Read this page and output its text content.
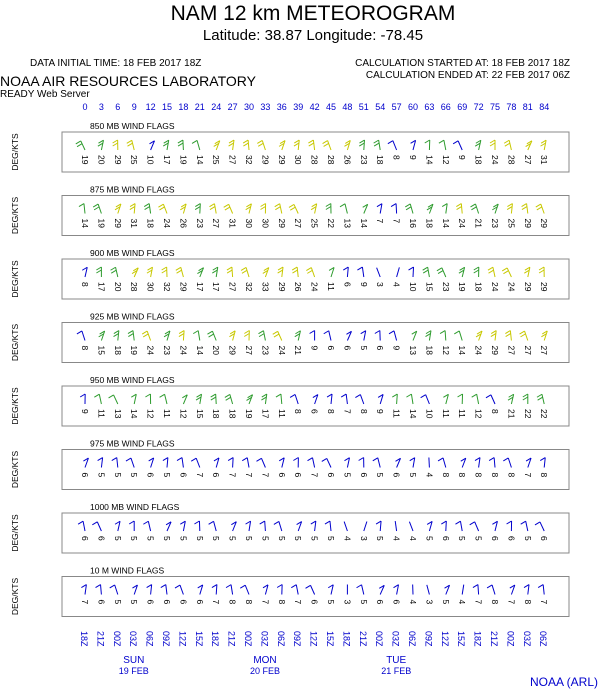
NAM 12 km METEOROGRAM
Latitude: 38.87 Longitude: -78.45
DATA INITIAL TIME: 18 FEB 2017 18Z	CALCULATION STARTED AT: 18 FEB 2017 18Z
CALCULATION ENDED AT: 22 FEB 2017 06Z
NOAA AIR RESOURCES LABORATORY
READY Web Server
0 3 6 9 12 15 18 21 24 27 30 33 36 39 42 45 48 51 54 57 60 63 66 69 72 75 78 81 84
850 MB WIND FLAGS
DEG/KTS	19 20 29 25 10 17 19 14 25 27 32 29 29 30 28 28 26 23 18 8 9 14 12 9 18 24 28 27 31
875 MB WIND FLAGS
DEG/KTS	14 19 29 31 18 24 26 23 27 31 30 30 29 27 25 22 13 14 7 7 16 18 14 24 21 23 25 29 29
900 MB WIND FLAGS
DEG/KTS	8 17 20 28 30 32 29 17 17 27 32 33 29 26 24 11 6 9 3 4 10 15 23 19 18 24 24 29 29
925 MB WIND FLAGS
DEG/KTS	8 15 18 19 24 23 24 14 20 29 27 23 24 21 9 6 6 5 6 9 13 18 12 14 24 29 27 27 27
950 MB WIND FLAGS
DEG/KTS	9 11 13 14 12 11 12 15 18 18 19 17 11 8 6 8 7 8 9 11 14 10 11 11 12 8 21 22 22
975 MB WIND FLAGS
DEG/KTS	6 5 5 5 6 5 6 7 6 7 7 7 6 6 7 6 5 6 5 6 5 4 8 8 8 8 8 7 8
1000 MB WIND FLAGS
DEG/KTS	6 6 5 5 5 5 5 5 5 5 5 5 5 5 5 5 4 3 5 4 4 5 6 5 5 6 6 5 6
10 M WIND FLAGS
DEG/KTS	7 6 5 5 6 6 6 6 7 8 8 7 8 7 6 5 3 5 6 6 4 3 5 4 7 8 7 8 7
18Z 21Z 00Z 03Z 06Z 09Z 12Z 15Z 18Z 21Z 00Z 03Z 06Z 09Z 12Z 15Z 18Z 21Z 00Z 03Z 06Z 09Z 12Z 15Z 18Z 21Z 00Z 03Z 06Z
SUN
19 FEB
MON
20 FEB
TUE
21 FEB
NOAA (ARL)
